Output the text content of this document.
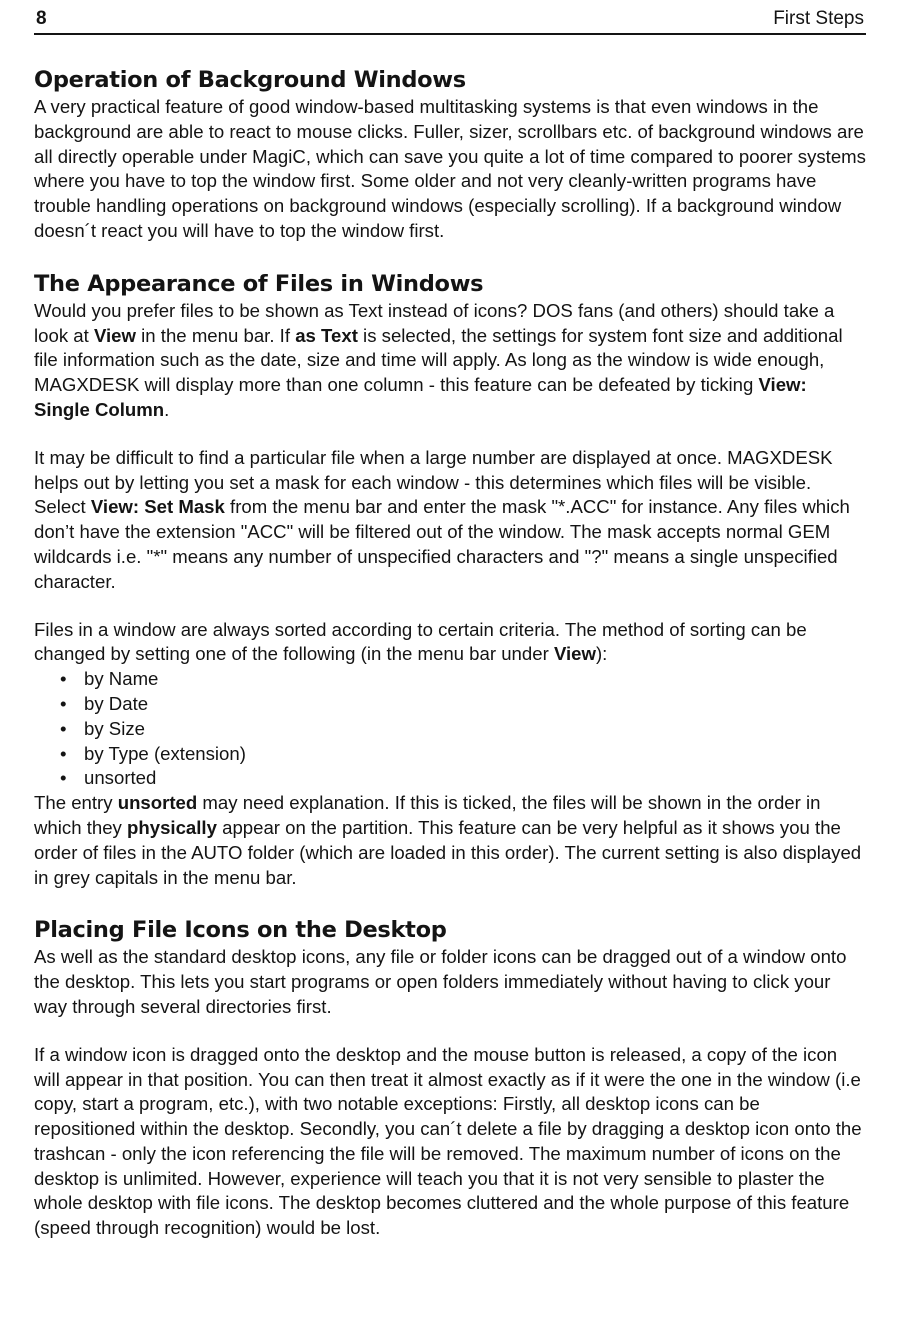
8	First Steps
Operation of Background Windows

A very practical feature of good window-based multitasking systems is that even windows in the background are able to react to mouse clicks. Fuller, sizer, scrollbars etc. of background windows are all directly operable under MagiC, which can save you quite a lot of time compared to poorer systems where you have to top the window first. Some older and not very cleanly-written programs have trouble handling operations on background windows (especially scrolling). If a background window doesn´t react you will have to top the window first.

The Appearance of Files in Windows

Would you prefer files to be shown as Text instead of icons? DOS fans (and others) should take a look at View in the menu bar. If as Text is selected, the settings for system font size and additional file information such as the date, size and time will apply. As long as the window is wide enough, MAGXDESK will display more than one column - this feature can be defeated by ticking View: Single Column.

It may be difficult to find a particular file when a large number are displayed at once. MAGXDESK helps out by letting you set a mask for each window - this determines which files will be visible. Select View: Set Mask from the menu bar and enter the mask "*.ACC" for instance. Any files which don’t have the extension "ACC" will be filtered out of the window. The mask accepts normal GEM wildcards i.e. "*" means any number of unspecified characters and "?" means a single unspecified character.

Files in a window are always sorted according to certain criteria. The method of sorting can be changed by setting one of the following (in the menu bar under View):

• by Name
• by Date
• by Size
• by Type (extension)
• unsorted

The entry unsorted may need explanation. If this is ticked, the files will be shown in the order in which they physically appear on the partition. This feature can be very helpful as it shows you the order of files in the AUTO folder (which are loaded in this order). The current setting is also displayed in grey capitals in the menu bar.

Placing File Icons on the Desktop

As well as the standard desktop icons, any file or folder icons can be dragged out of a window onto the desktop. This lets you start programs or open folders immediately without having to click your way through several directories first.

If a window icon is dragged onto the desktop and the mouse button is released, a copy of the icon will appear in that position. You can then treat it almost exactly as if it were the one in the window (i.e copy, start a program, etc.), with two notable exceptions: Firstly, all desktop icons can be repositioned within the desktop. Secondly, you can´t delete a file by dragging a desktop icon onto the trashcan - only the icon referencing the file will be removed. The maximum number of icons on the desktop is unlimited. However, experience will teach you that it is not very sensible to plaster the whole desktop with file icons. The desktop becomes cluttered and the whole purpose of this feature (speed through recognition) would be lost.
